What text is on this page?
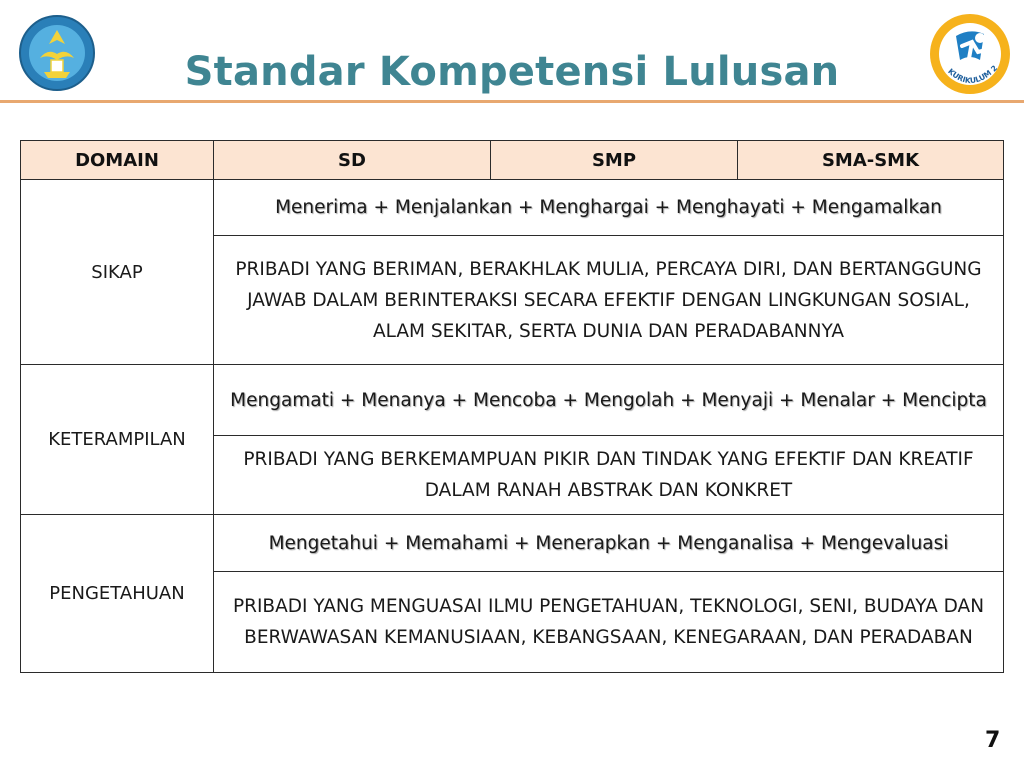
Standar Kompetensi Lulusan	KURIKULUM 2
DOMAIN	SD	SMP	SMA-SMK
SIKAP	Menerima + Menjalankan + Menghargai + Menghayati + Mengamalkan		
	PRIBADI YANG BERIMAN, BERAKHLAK MULIA, PERCAYA DIRI, DAN BERTANGGUNG JAWAB DALAM BERINTERAKSI SECARA EFEKTIF DENGAN LINGKUNGAN SOSIAL, ALAM SEKITAR, SERTA DUNIA DAN PERADABANNYA		
KETERAMPILAN	Mengamati + Menanya + Mencoba + Mengolah + Menyaji + Menalar + Mencipta		
	PRIBADI YANG BERKEMAMPUAN PIKIR DAN TINDAK YANG EFEKTIF DAN KREATIF DALAM RANAH ABSTRAK DAN KONKRET		
PENGETAHUAN	Mengetahui + Memahami + Menerapkan + Menganalisa + Mengevaluasi		
	PRIBADI YANG MENGUASAI ILMU PENGETAHUAN, TEKNOLOGI, SENI, BUDAYA DAN BERWAWASAN KEMANUSIAAN, KEBANGSAAN, KENEGARAAN, DAN PERADABAN		
7
